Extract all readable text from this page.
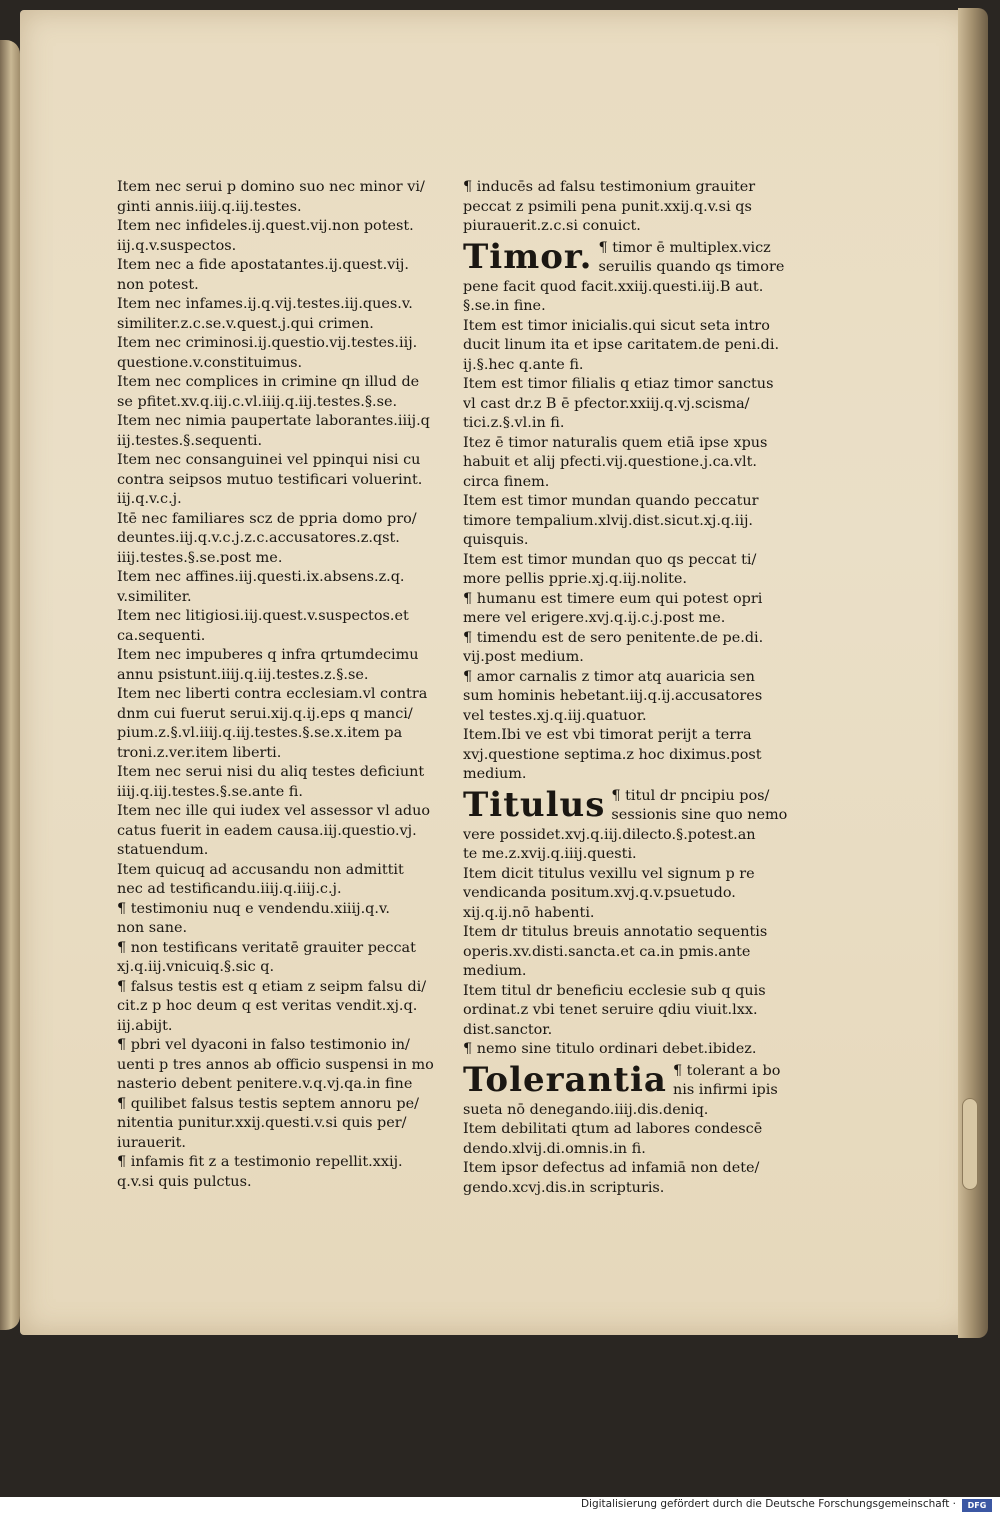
Item nec serui p domino suo nec minor vi/
ginti annis.iiij.q.iij.testes.
Item nec infideles.ij.quest.vij.non potest.
iij.q.v.suspectos.
Item nec a fide apostatantes.ij.quest.vij.
non potest.
Item nec infames.ij.q.vij.testes.iij.ques.v.
similiter.z.c.se.v.quest.j.qui crimen.
Item nec criminosi.ij.questio.vij.testes.iij.
questione.v.constituimus.
Item nec complices in crimine qn illud de
se pfitet.xv.q.iij.c.vl.iiij.q.iij.testes.§.se.
Item nec nimia paupertate laborantes.iiij.q
iij.testes.§.sequenti.
Item nec consanguinei vel ppinqui nisi cu
contra seipsos mutuo testificari voluerint.
iij.q.v.c.j.
Itē nec familiares scz de ppria domo pro/
deuntes.iij.q.v.c.j.z.c.accusatores.z.qst.
iiij.testes.§.se.post me.
Item nec affines.iij.questi.ix.absens.z.q.
v.similiter.
Item nec litigiosi.iij.quest.v.suspectos.et
ca.sequenti.
Item nec impuberes q infra qrtumdecimu
annu psistunt.iiij.q.iij.testes.z.§.se.
Item nec liberti contra ecclesiam.vl contra
dnm cui fuerut serui.xij.q.ij.eps q manci/
pium.z.§.vl.iiij.q.iij.testes.§.se.x.item pa
troni.z.ver.item liberti.
Item nec serui nisi du aliq testes deficiunt
iiij.q.iij.testes.§.se.ante fi.
Item nec ille qui iudex vel assessor vl aduo
catus fuerit in eadem causa.iij.questio.vj.
statuendum.
Item quicuq ad accusandu non admittit
nec ad testificandu.iiij.q.iiij.c.j.
¶ testimoniu nuq e vendendu.xiiij.q.v.
non sane.
¶ non testificans veritatē grauiter peccat
xj.q.iij.vnicuiq.§.sic q.
¶ falsus testis est q etiam z seipm falsu di/
cit.z p hoc deum q est veritas vendit.xj.q.
iij.abijt.
¶ pbri vel dyaconi in falso testimonio in/
uenti p tres annos ab officio suspensi in mo
nasterio debent penitere.v.q.vj.qa.in fine
¶ quilibet falsus testis septem annoru pe/
nitentia punitur.xxij.questi.v.si quis per/
iurauerit.
¶ infamis fit z a testimonio repellit.xxij.
q.v.si quis pulctus.
¶ inducēs ad falsu testimonium grauiter
peccat z psimili pena punit.xxij.q.v.si qs
piurauerit.z.c.si conuict.
Timor. ¶ timor ē multiplex.vicz
seruilis quando qs timore
pene facit quod facit.xxiij.questi.iij.B aut.
§.se.in fine.
Item est timor inicialis.qui sicut seta intro
ducit linum ita et ipse caritatem.de peni.di.
ij.§.hec q.ante fi.
Item est timor filialis q etiaz timor sanctus
vl cast dr.z B ē pfector.xxiij.q.vj.scisma/
tici.z.§.vl.in fi.
Itez ē timor naturalis quem etiā ipse xpus
habuit et alij pfecti.vij.questione.j.ca.vlt.
circa finem.
Item est timor mundan quando peccatur
timore tempalium.xlvij.dist.sicut.xj.q.iij.
quisquis.
Item est timor mundan quo qs peccat ti/
more pellis pprie.xj.q.iij.nolite.
¶ humanu est timere eum qui potest opri
mere vel erigere.xvj.q.ij.c.j.post me.
¶ timendu est de sero penitente.de pe.di.
vij.post medium.
¶ amor carnalis z timor atq auaricia sen
sum hominis hebetant.iij.q.ij.accusatores
vel testes.xj.q.iij.quatuor.
Item.Ibi ve est vbi timorat perijt a terra
xvj.questione septima.z hoc diximus.post
medium.
Titulus ¶ titul dr pncipiu pos/
sessionis sine quo nemo
vere possidet.xvj.q.iij.dilecto.§.potest.an
te me.z.xvij.q.iiij.questi.
Item dicit titulus vexillu vel signum p re
vendicanda positum.xvj.q.v.psuetudo.
xij.q.ij.nō habenti.
Item dr titulus breuis annotatio sequentis
operis.xv.disti.sancta.et ca.in pmis.ante
medium.
Item titul dr beneficiu ecclesie sub q quis
ordinat.z vbi tenet seruire qdiu viuit.lxx.
dist.sanctor.
¶ nemo sine titulo ordinari debet.ibidez.
Tolerantia ¶ tolerant a bo
nis infirmi ipis
sueta nō denegando.iiij.dis.deniq.
Item debilitati qtum ad labores condescē
dendo.xlvij.di.omnis.in fi.
Item ipsor defectus ad infamiā non dete/
gendo.xcvj.dis.in scripturis.
Digitalisierung gefördert durch die Deutsche Forschungsgemeinschaft ·	DFG
